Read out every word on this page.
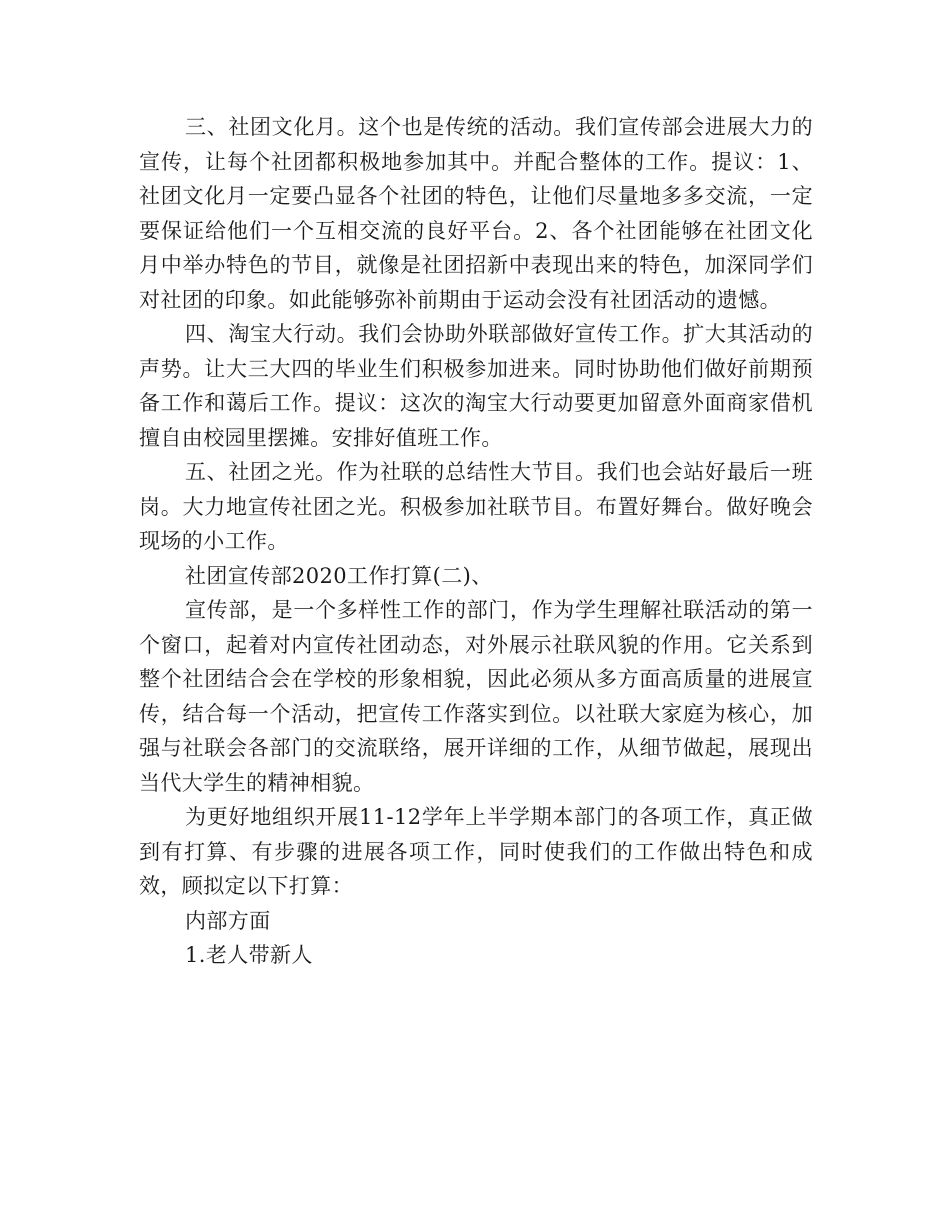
三、社团文化月。这个也是传统的活动。我们宣传部会进展大力的宣传，让每个社团都积极地参加其中。并配合整体的工作。提议：1、社团文化月一定要凸显各个社团的特色，让他们尽量地多多交流，一定要保证给他们一个互相交流的良好平台。2、各个社团能够在社团文化月中举办特色的节目，就像是社团招新中表现出来的特色，加深同学们对社团的印象。如此能够弥补前期由于运动会没有社团活动的遗憾。

四、淘宝大行动。我们会协助外联部做好宣传工作。扩大其活动的声势。让大三大四的毕业生们积极参加进来。同时协助他们做好前期预备工作和蔼后工作。提议：这次的淘宝大行动要更加留意外面商家借机擅自由校园里摆摊。安排好值班工作。

五、社团之光。作为社联的总结性大节目。我们也会站好最后一班岗。大力地宣传社团之光。积极参加社联节目。布置好舞台。做好晚会现场的小工作。

社团宣传部2020工作打算(二)、

宣传部，是一个多样性工作的部门，作为学生理解社联活动的第一个窗口，起着对内宣传社团动态，对外展示社联风貌的作用。它关系到整个社团结合会在学校的形象相貌，因此必须从多方面高质量的进展宣传，结合每一个活动，把宣传工作落实到位。以社联大家庭为核心，加强与社联会各部门的交流联络，展开详细的工作，从细节做起，展现出当代大学生的精神相貌。

为更好地组织开展11-12学年上半学期本部门的各项工作，真正做到有打算、有步骤的进展各项工作，同时使我们的工作做出特色和成效，顾拟定以下打算：

内部方面

1.老人带新人
